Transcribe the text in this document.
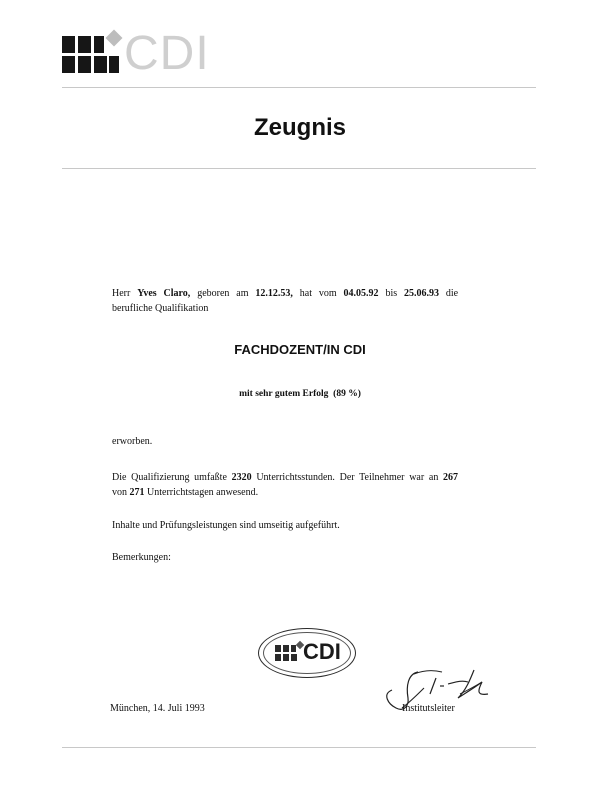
CDI
Zeugnis
Herr Yves Claro, geboren am 12.12.53, hat vom 04.05.92 bis 25.06.93 die
berufliche Qualifikation
FACHDOZENT/IN CDI
mit sehr gutem Erfolg (89 %)
erworben.
Die Qualifizierung umfaßte 2320 Unterrichtsstunden. Der Teilnehmer war an 267
von 271 Unterrichtstagen anwesend.
Inhalte und Prüfungsleistungen sind umseitig aufgeführt.
Bemerkungen:
CDI
München, 14. Juli 1993	Institutsleiter
